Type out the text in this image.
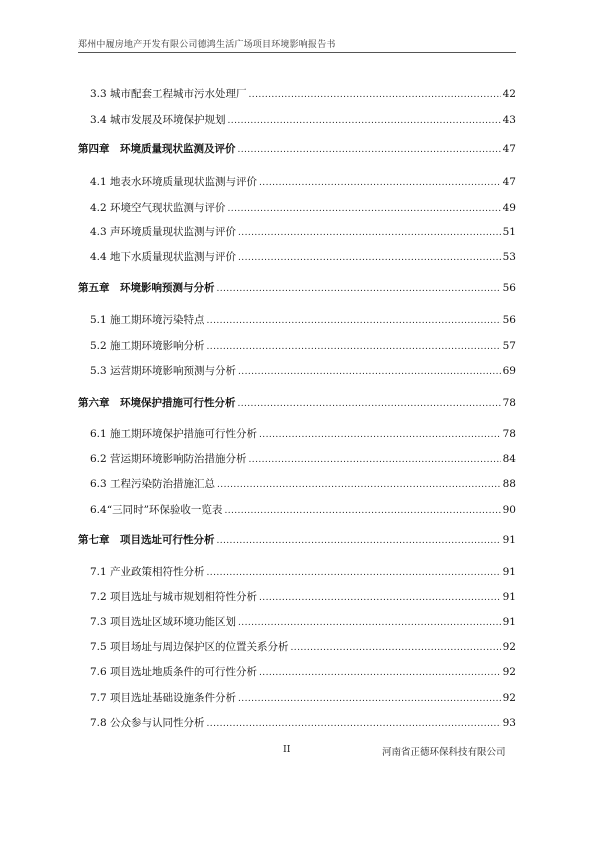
郑州中履房地产开发有限公司德鸿生活广场项目环境影响报告书
3.3 城市配套工程城市污水处理厂 .....	42
3.4 城市发展及环境保护规划 .....	43
第四章　环境质量现状监测及评价 .....	47
4.1 地表水环境质量现状监测与评价 .....	47
4.2 环境空气现状监测与评价 .....	49
4.3 声环境质量现状监测与评价 .....	51
4.4 地下水质量现状监测与评价 .....	53
第五章　环境影响预测与分析 .....	56
5.1 施工期环境污染特点 .....	56
5.2 施工期环境影响分析 .....	57
5.3 运营期环境影响预测与分析 .....	69
第六章　环境保护措施可行性分析 .....	78
6.1 施工期环境保护措施可行性分析 .....	78
6.2 营运期环境影响防治措施分析 .....	84
6.3 工程污染防治措施汇总 .....	88
6.4“三同时”环保验收一览表 .....	90
第七章　项目选址可行性分析 .....	91
7.1 产业政策相符性分析 .....	91
7.2 项目选址与城市规划相符性分析 .....	91
7.3 项目选址区域环境功能区划 .....	91
7.5 项目场址与周边保护区的位置关系分析 .....	92
7.6 项目选址地质条件的可行性分析 .....	92
7.7 项目选址基础设施条件分析 .....	92
7.8 公众参与认同性分析 .....	93
II	河南省正德环保科技有限公司
